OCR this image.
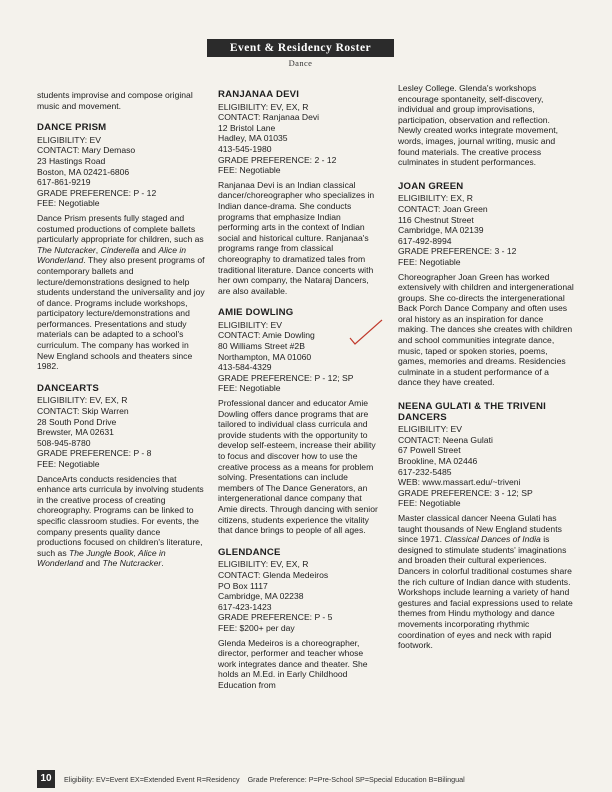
Event & Residency Roster
Dance
students improvise and compose original music and movement.
DANCE PRISM
ELIGIBILITY: EV
CONTACT: Mary Demaso
23 Hastings Road
Boston, MA 02421-6806
617-861-9219
GRADE PREFERENCE: P - 12
FEE: Negotiable
Dance Prism presents fully staged and costumed productions of complete ballets particularly appropriate for children, such as The Nutcracker, Cinderella and Alice in Wonderland. They also present programs of contemporary ballets and lecture/demonstrations designed to help students understand the universality and joy of dance. Programs include workshops, participatory lecture/demonstrations and performances. Presentations and study materials can be adapted to a school's curriculum. The company has worked in New England schools and theaters since 1982.
DANCEARTS
ELIGIBILITY: EV, EX, R
CONTACT: Skip Warren
28 South Pond Drive
Brewster, MA 02631
508-945-8780
GRADE PREFERENCE: P - 8
FEE: Negotiable
DanceArts conducts residencies that enhance arts curricula by involving students in the creative process of creating choreography. Programs can be linked to specific classroom studies. For events, the company presents quality dance productions focused on children's literature, such as The Jungle Book, Alice in Wonderland and The Nutcracker.
RANJANAA DEVI
ELIGIBILITY: EV, EX, R
CONTACT: Ranjanaa Devi
12 Bristol Lane
Hadley, MA 01035
413-545-1980
GRADE PREFERENCE: 2 - 12
FEE: Negotiable
Ranjanaa Devi is an Indian classical dancer/choreographer who specializes in Indian dance-drama. She conducts programs that emphasize Indian performing arts in the context of Indian social and historical culture. Ranjanaa's programs range from classical choreography to dramatized tales from traditional literature. Dance concerts with her own company, the Nataraj Dancers, are also available.
AMIE DOWLING
ELIGIBILITY: EV
CONTACT: Amie Dowling
80 Williams Street #2B
Northampton, MA 01060
413-584-4329
GRADE PREFERENCE: P - 12; SP
FEE: Negotiable
Professional dancer and educator Amie Dowling offers dance programs that are tailored to individual class curricula and provide students with the opportunity to develop self-esteem, increase their ability to focus and discover how to use the creative process as a means for problem solving. Presentations can include members of The Dance Generators, an intergenerational dance company that Amie directs. Through dancing with senior citizens, students experience the vitality that dance brings to people of all ages.
GLENDANCE
ELIGIBILITY: EV, EX, R
CONTACT: Glenda Medeiros
PO Box 1117
Cambridge, MA 02238
617-423-1423
GRADE PREFERENCE: P - 5
FEE: $200+ per day
Glenda Medeiros is a choreographer, director, performer and teacher whose work integrates dance and theater. She holds an M.Ed. in Early Childhood Education from
Lesley College. Glenda's workshops encourage spontaneity, self-discovery, individual and group improvisations, participation, observation and reflection. Newly created works integrate movement, words, images, journal writing, music and found materials. The creative process culminates in student performances.
JOAN GREEN
ELIGIBILITY: EX, R
CONTACT: Joan Green
116 Chestnut Street
Cambridge, MA 02139
617-492-8994
GRADE PREFERENCE: 3 - 12
FEE: Negotiable
Choreographer Joan Green has worked extensively with children and intergenerational groups. She co-directs the intergenerational Back Porch Dance Company and often uses oral history as an inspiration for dance making. The dances she creates with children and school communities integrate dance, music, taped or spoken stories, poems, games, memories and dreams. Residencies culminate in a student performance of a dance they have created.
NEENA GULATI & THE TRIVENI DANCERS
ELIGIBILITY: EV
CONTACT: Neena Gulati
67 Powell Street
Brookline, MA 02446
617-232-5485
WEB: www.massart.edu/~triveni
GRADE PREFERENCE: 3 - 12; SP
FEE: Negotiable
Master classical dancer Neena Gulati has taught thousands of New England students since 1971. Classical Dances of India is designed to stimulate students' imaginations and broaden their cultural experiences. Dancers in colorful traditional costumes share the rich culture of Indian dance with students. Workshops include learning a variety of hand gestures and facial expressions used to relate themes from Hindu mythology and dance movements incorporating rhythmic coordination of eyes and neck with rapid footwork.
10	Eligibility: EV=Event EX=Extended Event R=Residency Grade Preference: P=Pre-School SP=Special Education B=Bilingual
